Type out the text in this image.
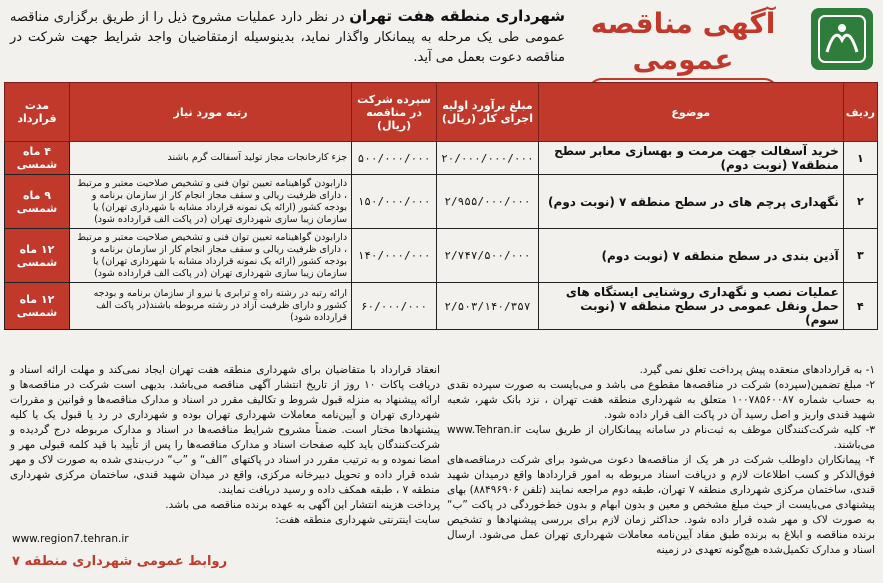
آگهی مناقصه عمومی
شهرداری منطقه هفت تهران در نظر دارد عملیات مشروح ذیل را از طریق برگزاری مناقصه عمومی طی یک مرحله به پیمانکار واگذار نماید، بدینوسیله ازمتقاضیان واجد شرایط جهت شرکت در مناقصه دعوت بعمل می آید.
ردیف	موضوع	مبلغ برآورد اولیه اجرای کار (ریال)	سپرده شرکت در مناقصه (ریال)	رتبه مورد نیاز	مدت قرارداد
۱	خرید آسفالت جهت مرمت و بهسازی معابر سطح منطقه۷ (نوبت دوم)	۲۰/۰۰۰/۰۰۰/۰۰۰	۵۰۰/۰۰۰/۰۰۰	جزء کارخانجات مجاز تولید آسفالت گرم باشند	۴ ماه شمسی
۲	نگهداری پرچم های در سطح منطقه ۷ (نوبت دوم)	۲/۹۵۵/۰۰۰/۰۰۰	۱۵۰/۰۰۰/۰۰۰	دارابودن گواهینامه تعیین توان فنی و تشخیص صلاحیت معتبر و مرتبط ، دارای ظرفیت ریالی و سقف مجاز انجام کار از سازمان برنامه و بودجه کشور (ارائه یک نمونه قرارداد مشابه با شهرداری تهران) یا سازمان زیبا سازی شهرداری تهران (در پاکت الف قرارداده شود)	۹ ماه شمسی
۳	آذین بندی در سطح منطقه ۷ (نوبت دوم)	۲/۷۴۷/۵۰۰/۰۰۰	۱۴۰/۰۰۰/۰۰۰	دارابودن گواهینامه تعیین توان فنی و تشخیص صلاحیت معتبر و مرتبط ، دارای ظرفیت ریالی و سقف مجاز انجام کار از سازمان برنامه و بودجه کشور (ارائه یک نمونه قرارداد مشابه با شهرداری تهران) یا سازمان زیبا سازی شهرداری تهران (در پاکت الف قرارداده شود)	۱۲ ماه شمسی
۴	عملیات نصب و نگهداری روشنایی ایستگاه های حمل ونقل عمومی در سطح منطقه ۷ (نوبت سوم)	۲/۵۰۳/۱۴۰/۳۵۷	۶۰/۰۰۰/۰۰۰	ارائه رتبه در رشته راه و ترابری یا نیرو از سازمان برنامه و بودجه کشور و دارای ظرفیت آزاد در رشته مربوطه باشند(در پاکت الف قرارداده شود)	۱۲ ماه شمسی

۱- به قراردادهای منعقده پیش پرداخت تعلق نمی گیرد.

۲- مبلغ تضمین(سپرده) شرکت در مناقصه‌ها مقطوع می باشد و می‌بایست به صورت سپرده نقدی به حساب شماره ۱۰۰۷۸۵۶۰۰۸۷ متعلق به شهرداری منطقه هفت تهران ، نزد بانک شهر، شعبه شهید قندی واریز و اصل رسید آن در پاکت الف قرار داده شود.

۳- کلیه شرکت‌کنندگان موظف به ثبت‌نام در سامانه پیمانکاران از طریق سایت www.Tehran.ir می‌باشند.

۴- پیمانکاران داوطلب شرکت در هر یک از مناقصه‌ها دعوت می‌شود برای شرکت درمناقصه‌های فوق‌الذکر و کسب اطلاعات لازم و دریافت اسناد مربوطه به امور قراردادها واقع درمیدان شهید قندی، ساختمان مرکزی شهرداری منطقه ۷ تهران، طبقه دوم مراجعه نمایند (تلفن ۸۸۴۹۶۹۰۶) بهای پیشنهادی می‌بایست از حیث مبلغ مشخص و معین و بدون ابهام و بدون خط‌خوردگی در پاکت ”ب“ به صورت لاک و مهر شده قرار داده شود. حداکثر زمان لازم برای بررسی پیشنهادها و تشخیص برنده مناقصه و ابلاغ به برنده طبق مفاد آیین‌نامه معاملات شهرداری تهران عمل می‌شود. ارسال اسناد و مدارک تکمیل‌شده هیچ‌گونه تعهدی در زمینه

انعقاد قرارداد با متقاضیان برای شهرداری منطقه هفت تهران ایجاد نمی‌کند و مهلت ارائه اسناد و دریافت پاکات ۱۰ روز از تاریخ انتشار آگهی مناقصه می‌باشد. بدیهی است شرکت در مناقصه‌ها و ارائه پیشنهاد به منزله قبول شروط و تکالیف مقرر در اسناد و مدارک مناقصه‌ها و قوانین و مقررات شهرداری تهران و آیین‌نامه معاملات شهرداری تهران بوده و شهرداری در رد یا قبول یک یا کلیه پیشنهادها مختار است. ضمناً مشروح شرایط مناقصه‌ها در اسناد و مدارک مربوطه درج گردیده و شرکت‌کنندگان باید کلیه صفحات اسناد و مدارک مناقصه‌ها را پس از تأیید با قید کلمه قبولی مهر و امضا نموده و به ترتیب مقرر در اسناد در پاکتهای ”الف“ و ”ب“ درب‌بندی شده به صورت لاک و مهر شده قرار داده و تحویل دبیرخانه مرکزی، واقع در میدان شهید قندی، ساختمان مرکزی شهرداری منطقه ۷ ، طبقه همکف داده و رسید دریافت نمایند.

پرداخت هزینه انتشار این آگهی به عهده برنده مناقصه می باشد.

سایت اینترنتی شهرداری منطقه هفت:

www.region7.tehran.ir
روابط عمومی شهرداری منطقه ۷
